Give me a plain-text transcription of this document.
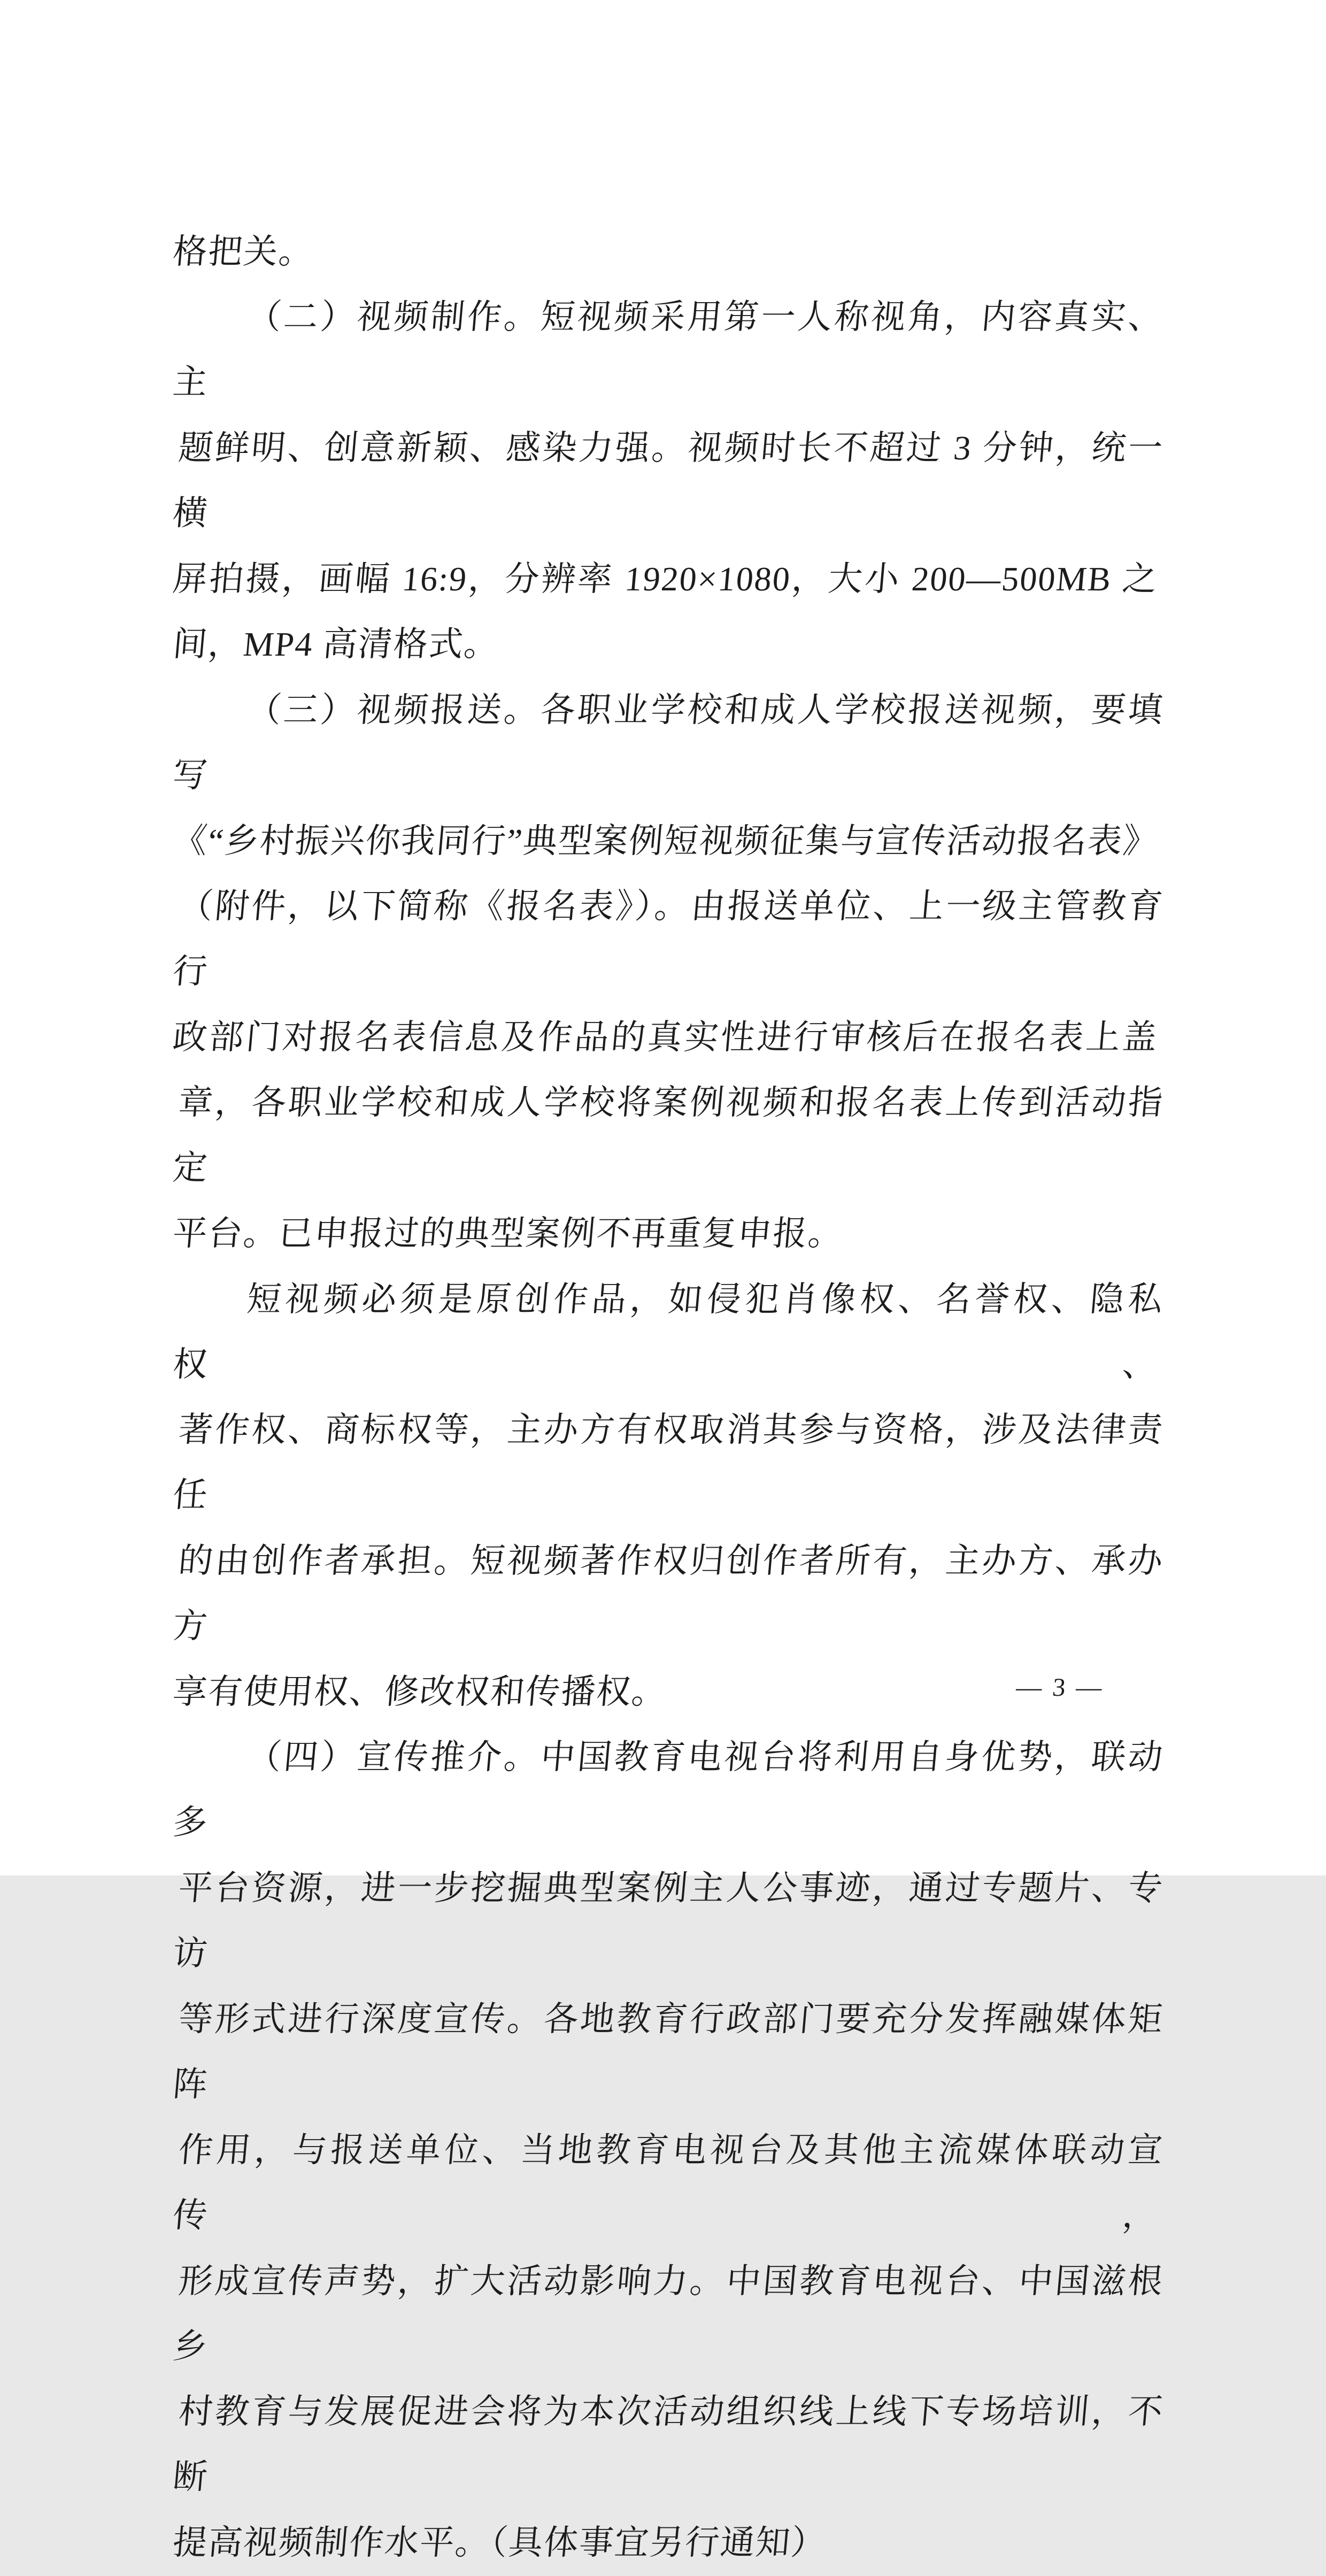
格把关。
（二）视频制作。短视频采用第一人称视角，内容真实、主
题鲜明、创意新颖、感染力强。视频时长不超过 3 分钟，统一横
屏拍摄，画幅 16:9，分辨率 1920×1080，大小 200—500MB 之
间，MP4 高清格式。
（三）视频报送。各职业学校和成人学校报送视频，要填写
《“乡村振兴你我同行”典型案例短视频征集与宣传活动报名表》
（附件，以下简称《报名表》）。由报送单位、上一级主管教育行
政部门对报名表信息及作品的真实性进行审核后在报名表上盖
章，各职业学校和成人学校将案例视频和报名表上传到活动指定
平台。已申报过的典型案例不再重复申报。
短视频必须是原创作品，如侵犯肖像权、名誉权、隐私权、
著作权、商标权等，主办方有权取消其参与资格，涉及法律责任
的由创作者承担。短视频著作权归创作者所有，主办方、承办方
享有使用权、修改权和传播权。
（四）宣传推介。中国教育电视台将利用自身优势，联动多
平台资源，进一步挖掘典型案例主人公事迹，通过专题片、专访
等形式进行深度宣传。各地教育行政部门要充分发挥融媒体矩阵
作用，与报送单位、当地教育电视台及其他主流媒体联动宣传，
形成宣传声势，扩大活动影响力。中国教育电视台、中国滋根乡
村教育与发展促进会将为本次活动组织线上线下专场培训，不断
提高视频制作水平。（具体事宜另行通知）
— 3 —
